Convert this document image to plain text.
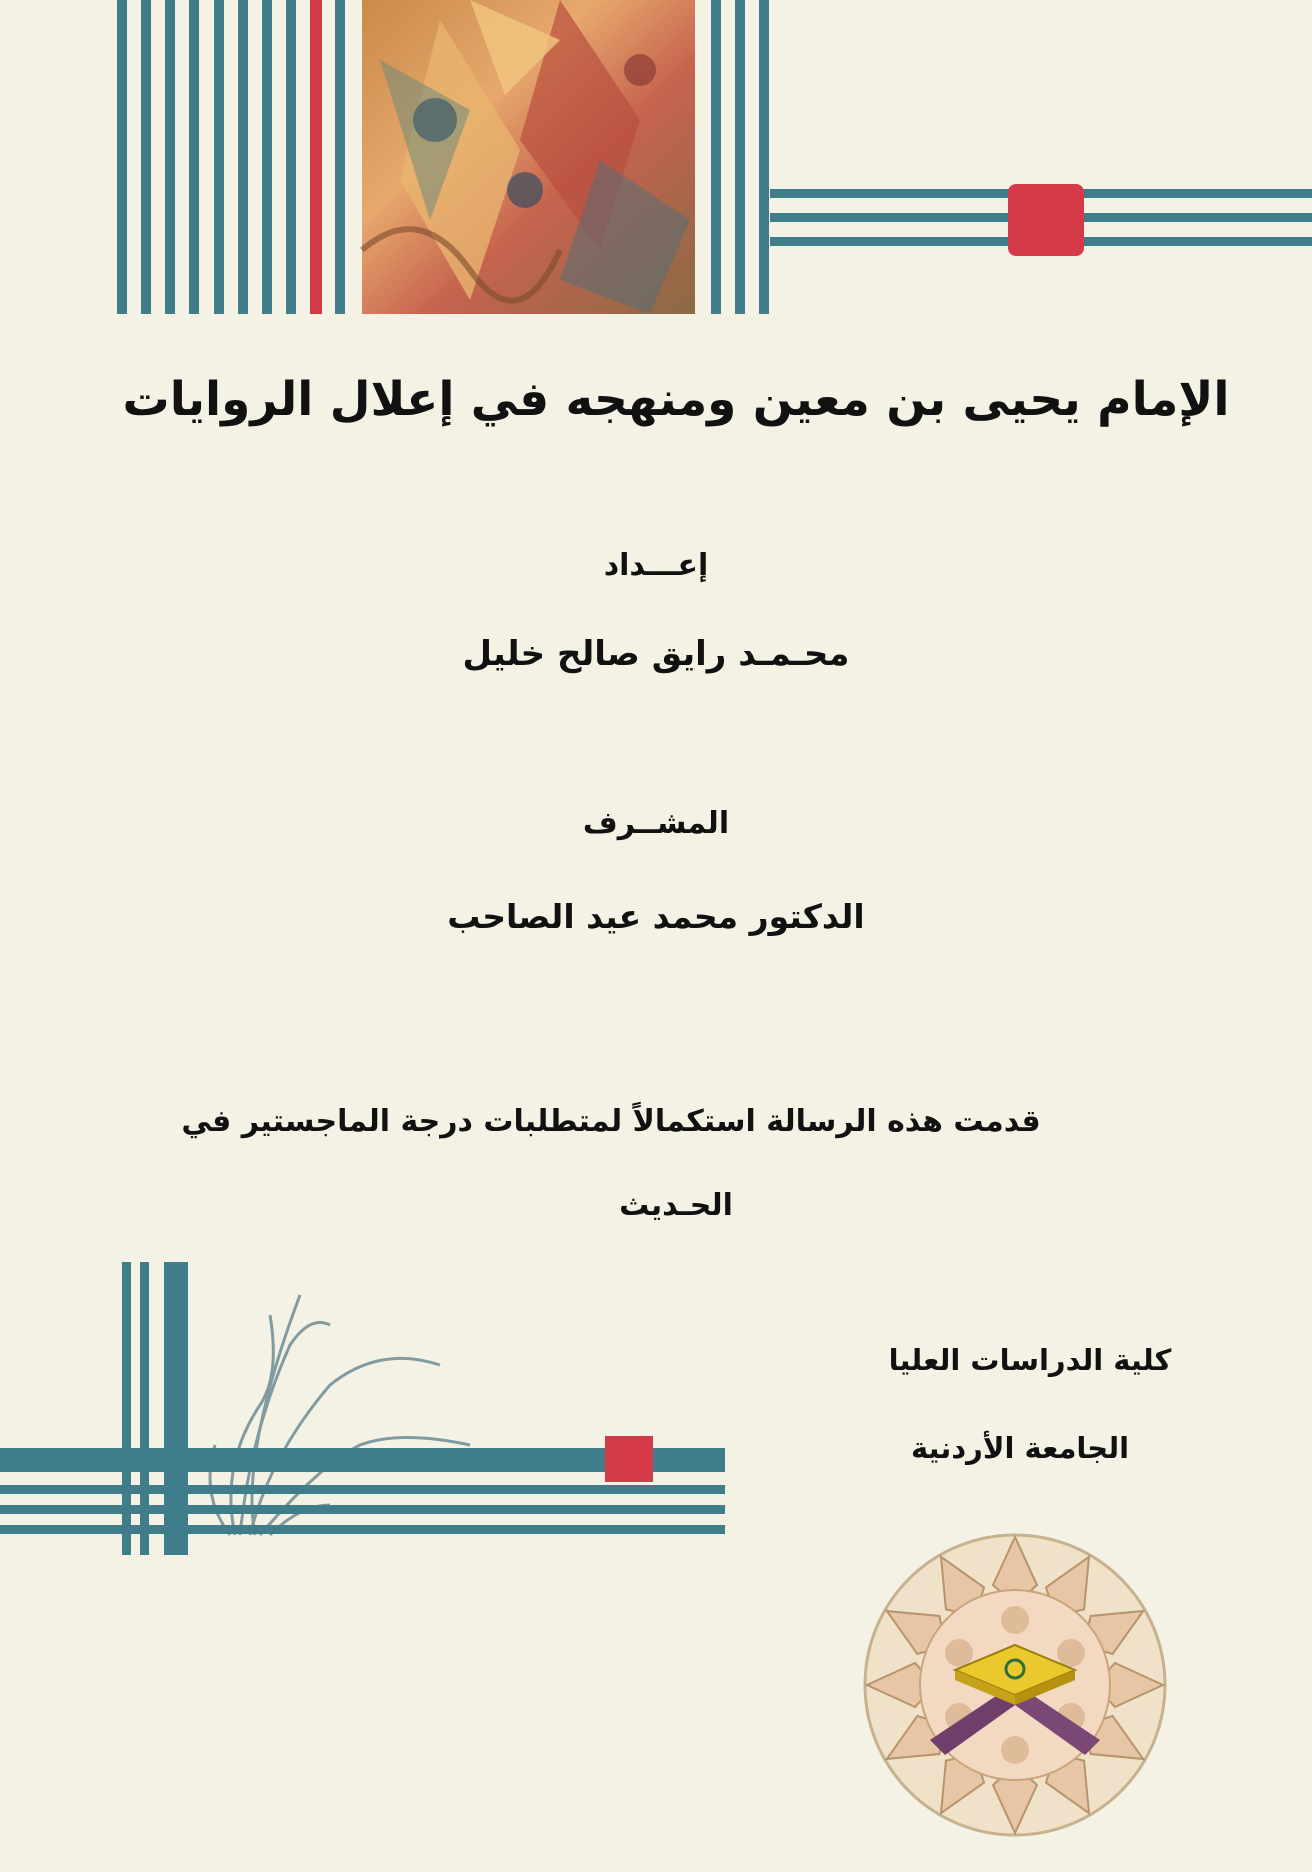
الإمام يحيى بن معين ومنهجه في إعلال الروايات
إعـــداد
محـمـد رايق صالح خليل
المشــرف
الدكتور محمد عيد الصاحب
قدمت هذه الرسالة استكمالاً لمتطلبات درجة الماجستير في
الحـديث
كلية الدراسات العليا
الجامعة الأردنية
